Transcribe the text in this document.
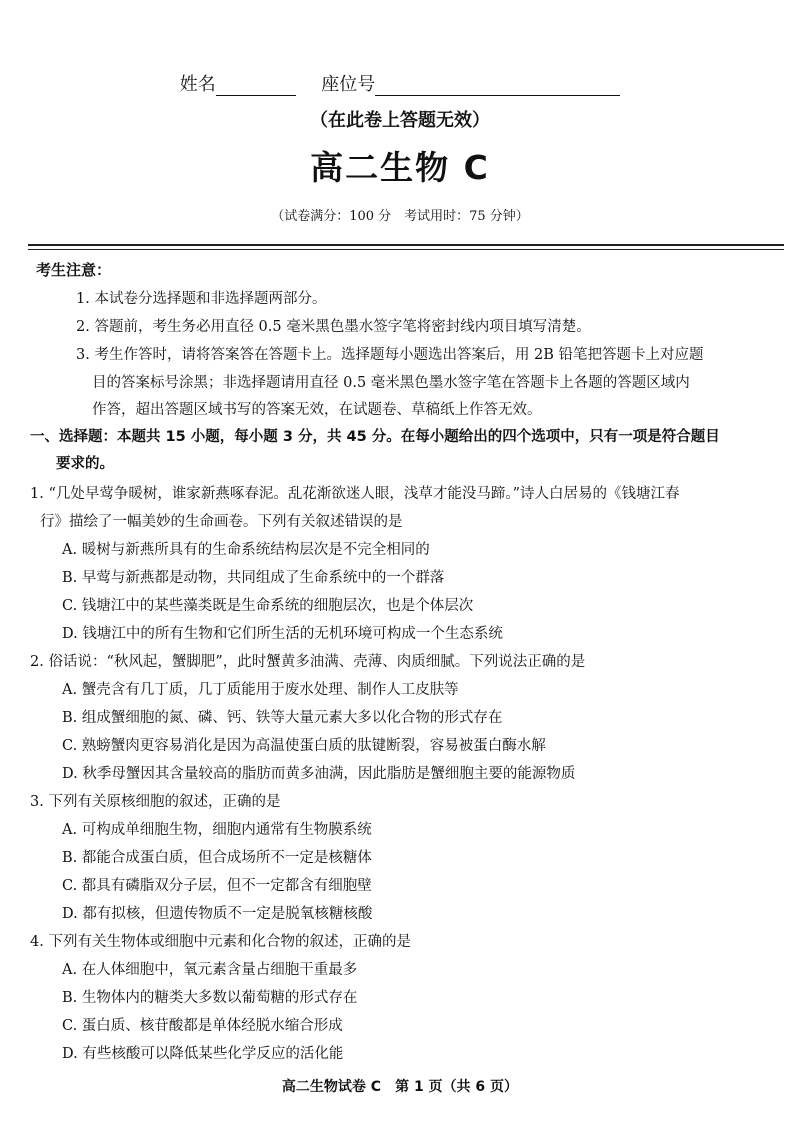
姓名	座位号
（在此卷上答题无效）
高二生物 C
（试卷满分：100 分　考试用时：75 分钟）
考生注意：
1. 本试卷分选择题和非选择题两部分。
2. 答题前，考生务必用直径 0.5 毫米黑色墨水签字笔将密封线内项目填写清楚。
3. 考生作答时，请将答案答在答题卡上。选择题每小题选出答案后，用 2B 铅笔把答题卡上对应题
目的答案标号涂黑；非选择题请用直径 0.5 毫米黑色墨水签字笔在答题卡上各题的答题区域内
作答，超出答题区域书写的答案无效，在试题卷、草稿纸上作答无效。
一、选择题：本题共 15 小题，每小题 3 分，共 45 分。在每小题给出的四个选项中，只有一项是符合题目
要求的。
1. “几处早莺争暖树，谁家新燕啄春泥。乱花渐欲迷人眼，浅草才能没马蹄。”诗人白居易的《钱塘江春
行》描绘了一幅美妙的生命画卷。下列有关叙述错误的是
A. 暖树与新燕所具有的生命系统结构层次是不完全相同的
B. 早莺与新燕都是动物，共同组成了生命系统中的一个群落
C. 钱塘江中的某些藻类既是生命系统的细胞层次，也是个体层次
D. 钱塘江中的所有生物和它们所生活的无机环境可构成一个生态系统
2. 俗话说：“秋风起，蟹脚肥”，此时蟹黄多油满、壳薄、肉质细腻。下列说法正确的是
A. 蟹壳含有几丁质，几丁质能用于废水处理、制作人工皮肤等
B. 组成蟹细胞的氮、磷、钙、铁等大量元素大多以化合物的形式存在
C. 熟螃蟹肉更容易消化是因为高温使蛋白质的肽键断裂，容易被蛋白酶水解
D. 秋季母蟹因其含量较高的脂肪而黄多油满，因此脂肪是蟹细胞主要的能源物质
3. 下列有关原核细胞的叙述，正确的是
A. 可构成单细胞生物，细胞内通常有生物膜系统
B. 都能合成蛋白质，但合成场所不一定是核糖体
C. 都具有磷脂双分子层，但不一定都含有细胞壁
D. 都有拟核，但遗传物质不一定是脱氧核糖核酸
4. 下列有关生物体或细胞中元素和化合物的叙述，正确的是
A. 在人体细胞中，氧元素含量占细胞干重最多
B. 生物体内的糖类大多数以葡萄糖的形式存在
C. 蛋白质、核苷酸都是单体经脱水缩合形成
D. 有些核酸可以降低某些化学反应的活化能
高二生物试卷 C　第 1 页（共 6 页）
